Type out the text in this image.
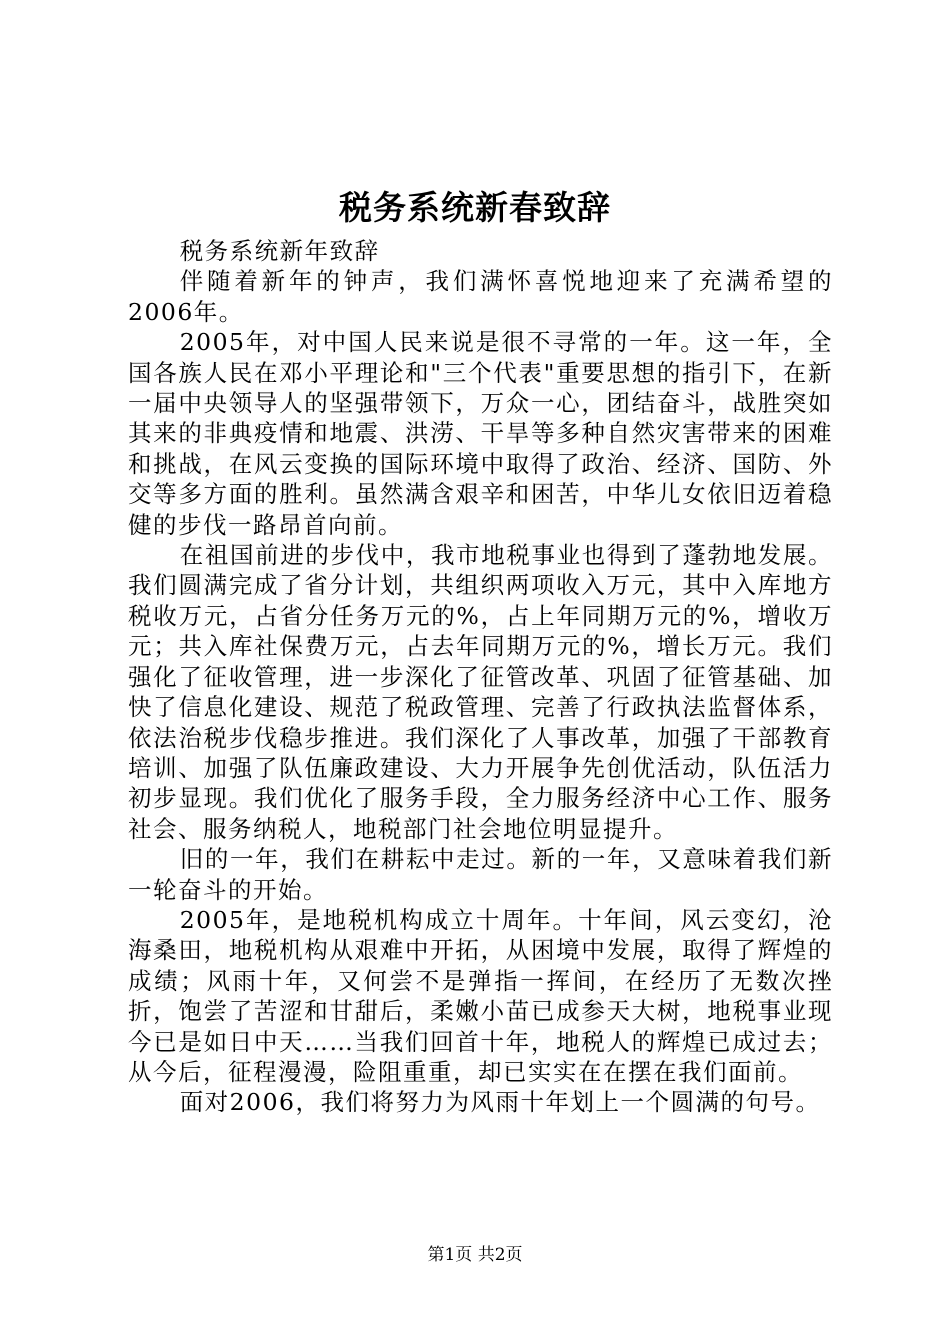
税务系统新春致辞

税务系统新年致辞

伴随着新年的钟声，我们满怀喜悦地迎来了充满希望的2006年。

2005年，对中国人民来说是很不寻常的一年。这一年，全国各族人民在邓小平理论和"三个代表"重要思想的指引下，在新一届中央领导人的坚强带领下，万众一心，团结奋斗，战胜突如其来的非典疫情和地震、洪涝、干旱等多种自然灾害带来的困难和挑战，在风云变换的国际环境中取得了政治、经济、国防、外交等多方面的胜利。虽然满含艰辛和困苦，中华儿女依旧迈着稳健的步伐一路昂首向前。

在祖国前进的步伐中，我市地税事业也得到了蓬勃地发展。我们圆满完成了省分计划，共组织两项收入万元，其中入库地方税收万元，占省分任务万元的%，占上年同期万元的%，增收万元；共入库社保费万元，占去年同期万元的%，增长万元。我们强化了征收管理，进一步深化了征管改革、巩固了征管基础、加快了信息化建设、规范了税政管理、完善了行政执法监督体系，依法治税步伐稳步推进。我们深化了人事改革，加强了干部教育培训、加强了队伍廉政建设、大力开展争先创优活动，队伍活力初步显现。我们优化了服务手段，全力服务经济中心工作、服务社会、服务纳税人，地税部门社会地位明显提升。

旧的一年，我们在耕耘中走过。新的一年，又意味着我们新一轮奋斗的开始。

2005年，是地税机构成立十周年。十年间，风云变幻，沧海桑田，地税机构从艰难中开拓，从困境中发展，取得了辉煌的成绩；风雨十年，又何尝不是弹指一挥间，在经历了无数次挫折，饱尝了苦涩和甘甜后，柔嫩小苗已成参天大树，地税事业现今已是如日中天……当我们回首十年，地税人的辉煌已成过去；从今后，征程漫漫，险阻重重，却已实实在在摆在我们面前。

面对2006，我们将努力为风雨十年划上一个圆满的句号。

第1页 共2页
